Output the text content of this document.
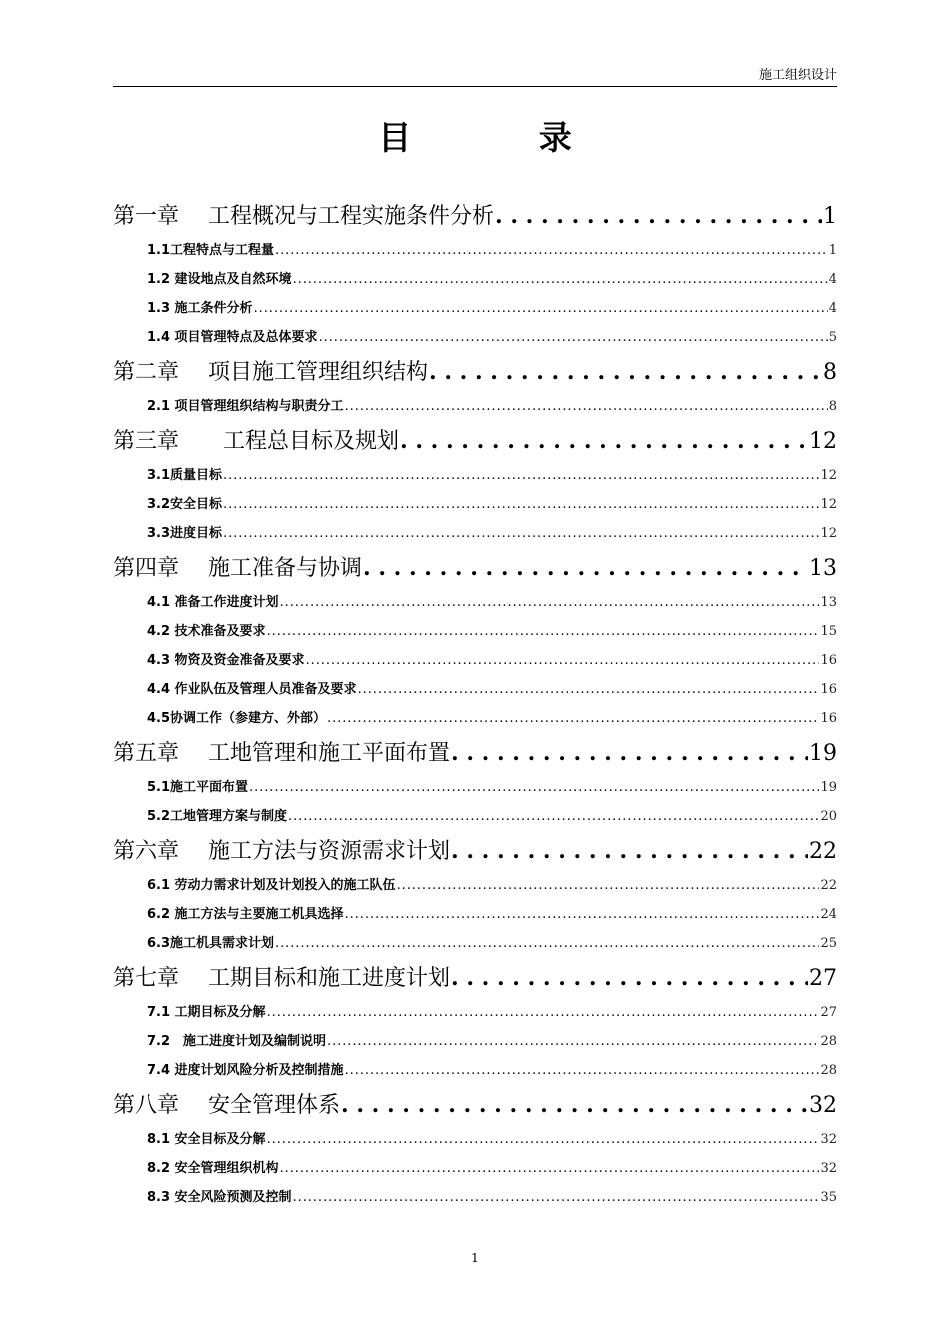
施工组织设计
目 录
第一章　 工程概况与工程实施条件分析 . . .	1
1.1工程特点与工程量 . . .	1
1.2 建设地点及自然环境 . . .	4
1.3 施工条件分析 . . .	4
1.4 项目管理特点及总体要求 . . .	5
第二章　 项目施工管理组织结构 . . .	8
2.1 项目管理组织结构与职责分工 . . .	8
第三章　　工程总目标及规划 . . .	12
3.1质量目标 . . .	12
3.2安全目标 . . .	12
3.3进度目标 . . .	12
第四章　 施工准备与协调 . . .	13
4.1 准备工作进度计划 . . .	13
4.2 技术准备及要求 . . .	15
4.3 物资及资金准备及要求 . . .	16
4.4 作业队伍及管理人员准备及要求 . . .	16
4.5协调工作（参建方、外部） . . .	16
第五章　 工地管理和施工平面布置 . . .	19
5.1施工平面布置 . . .	19
5.2工地管理方案与制度 . . .	20
第六章　 施工方法与资源需求计划 . . .	22
6.1 劳动力需求计划及计划投入的施工队伍 . . .	22
6.2 施工方法与主要施工机具选择 . . .	24
6.3施工机具需求计划 . . .	25
第七章　 工期目标和施工进度计划 . . .	27
7.1 工期目标及分解 . . .	27
7.2　施工进度计划及编制说明 . . .	28
7.4 进度计划风险分析及控制措施 . . .	28
第八章　 安全管理体系 . . .	32
8.1 安全目标及分解 . . .	32
8.2 安全管理组织机构 . . .	32
8.3 安全风险预测及控制 . . .	35
1
